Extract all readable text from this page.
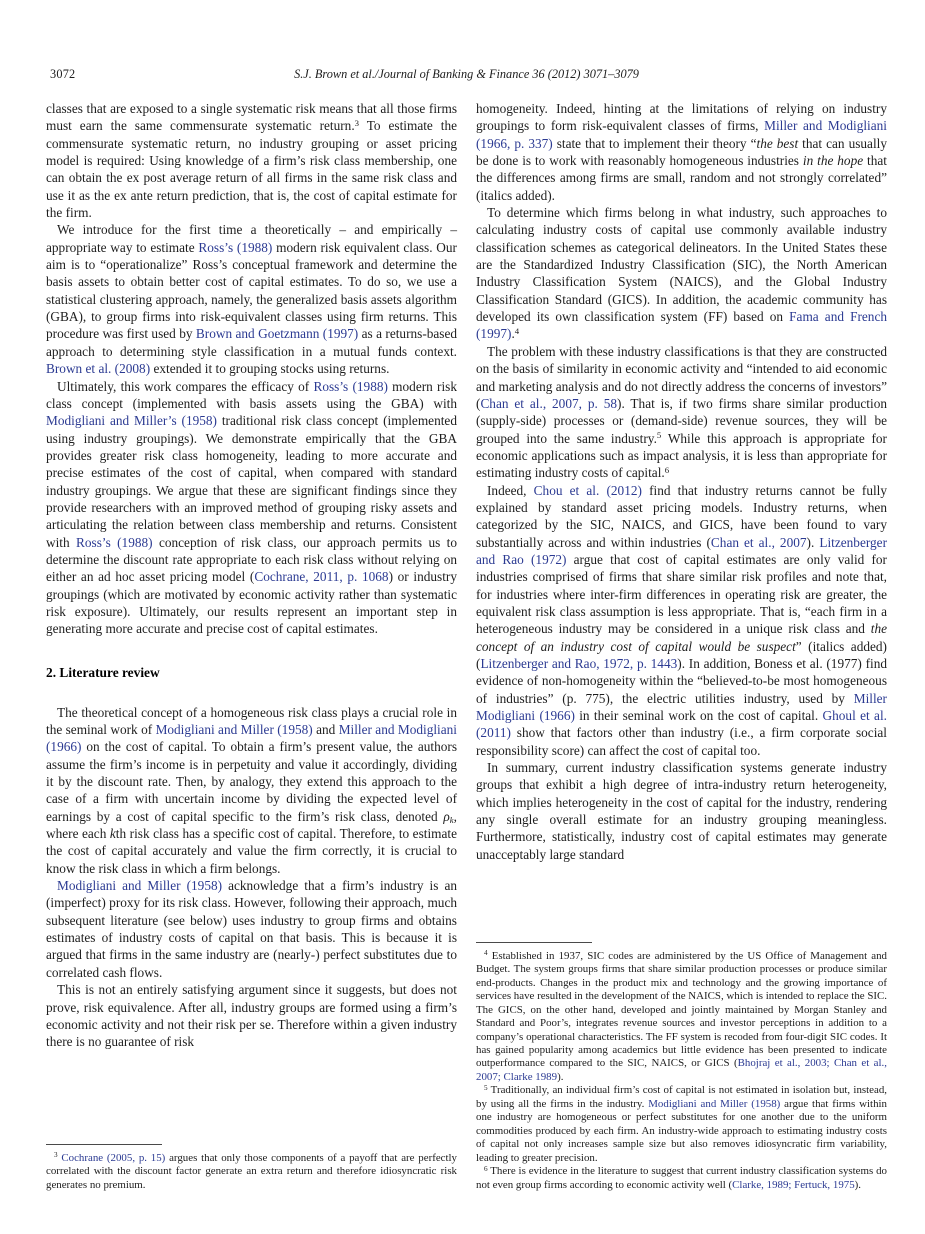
3072	S.J. Brown et al./Journal of Banking & Finance 36 (2012) 3071–3079

classes that are exposed to a single systematic risk means that all those firms must earn the same commensurate systematic return.$^3$ To estimate the commensurate systematic return, no industry grouping or asset pricing model is required: Using knowledge of a firm’s risk class membership, one can obtain the ex post average return of all firms in the same risk class and use it as the ex ante return prediction, that is, the cost of capital estimate for the firm.

We introduce for the first time a theoretically – and empirically – appropriate way to estimate Ross’s (1988) modern risk equivalent class. Our aim is to “operationalize” Ross’s conceptual framework and determine the basis assets to obtain better cost of capital estimates. To do so, we use a statistical clustering approach, namely, the generalized basis assets algorithm (GBA), to group firms into risk-equivalent classes using firm returns. This procedure was first used by Brown and Goetzmann (1997) as a returns-based approach to determining style classification in a mutual funds context. Brown et al. (2008) extended it to grouping stocks using returns.

Ultimately, this work compares the efficacy of Ross’s (1988) modern risk class concept (implemented with basis assets using the GBA) with Modigliani and Miller’s (1958) traditional risk class concept (implemented using industry groupings). We demonstrate empirically that the GBA provides greater risk class homogeneity, leading to more accurate and precise estimates of the cost of capital, when compared with standard industry groupings. We argue that these are significant findings since they provide researchers with an improved method of grouping risky assets and articulating the relation between class membership and returns. Consistent with Ross’s (1988) conception of risk class, our approach permits us to determine the discount rate appropriate to each risk class without relying on either an ad hoc asset pricing model (Cochrane, 2011, p. 1068) or industry groupings (which are motivated by economic activity rather than systematic risk exposure). Ultimately, our results represent an important step in generating more accurate and precise cost of capital estimates.

2. Literature review

The theoretical concept of a homogeneous risk class plays a crucial role in the seminal work of Modigliani and Miller (1958) and Miller and Modigliani (1966) on the cost of capital. To obtain a firm’s present value, the authors assume the firm’s income is in perpetuity and value it accordingly, dividing it by the discount rate. Then, by analogy, they extend this approach to the case of a firm with uncertain income by dividing the expected level of earnings by a cost of capital specific to the firm’s risk class, denoted $\rho_k$, where each kth risk class has a specific cost of capital. Therefore, to estimate the cost of capital accurately and value the firm correctly, it is crucial to know the risk class in which a firm belongs.

Modigliani and Miller (1958) acknowledge that a firm’s industry is an (imperfect) proxy for its risk class. However, following their approach, much subsequent literature (see below) uses industry to group firms and obtains estimates of industry costs of capital on that basis. This is because it is argued that firms in the same industry are (nearly-) perfect substitutes due to correlated cash flows.

This is not an entirely satisfying argument since it suggests, but does not prove, risk equivalence. After all, industry groups are formed using a firm’s economic activity and not their risk per se. Therefore within a given industry there is no guarantee of risk

$^3$ Cochrane (2005, p. 15) argues that only those components of a payoff that are perfectly correlated with the discount factor generate an extra return and therefore idiosyncratic risk generates no premium.

homogeneity. Indeed, hinting at the limitations of relying on industry groupings to form risk-equivalent classes of firms, Miller and Modigliani (1966, p. 337) state that to implement their theory “the best that can usually be done is to work with reasonably homogeneous industries in the hope that the differences among firms are small, random and not strongly correlated” (italics added).

To determine which firms belong in what industry, such approaches to calculating industry costs of capital use commonly available industry classification schemes as categorical delineators. In the United States these are the Standardized Industry Classification (SIC), the North American Industry Classification System (NAICS), and the Global Industry Classification Standard (GICS). In addition, the academic community has developed its own classification system (FF) based on Fama and French (1997).$^4$

The problem with these industry classifications is that they are constructed on the basis of similarity in economic activity and “intended to aid economic and marketing analysis and do not directly address the concerns of investors” (Chan et al., 2007, p. 58). That is, if two firms share similar production (supply-side) processes or (demand-side) revenue sources, they will be grouped into the same industry.$^5$ While this approach is appropriate for economic applications such as impact analysis, it is less than appropriate for estimating industry costs of capital.$^6$

Indeed, Chou et al. (2012) find that industry returns cannot be fully explained by standard asset pricing models. Industry returns, when categorized by the SIC, NAICS, and GICS, have been found to vary substantially across and within industries (Chan et al., 2007). Litzenberger and Rao (1972) argue that cost of capital estimates are only valid for industries comprised of firms that share similar risk profiles and note that, for industries where inter-firm differences in operating risk are greater, the equivalent risk class assumption is less appropriate. That is, “each firm in a heterogeneous industry may be considered in a unique risk class and the concept of an industry cost of capital would be suspect” (italics added) (Litzenberger and Rao, 1972, p. 1443). In addition, Boness et al. (1977) find evidence of non-homogeneity within the “believed-to-be most homogeneous of industries” (p. 775), the electric utilities industry, used by Miller Modigliani (1966) in their seminal work on the cost of capital. Ghoul et al. (2011) show that factors other than industry (i.e., a firm corporate social responsibility score) can affect the cost of capital too.

In summary, current industry classification systems generate industry groups that exhibit a high degree of intra-industry return heterogeneity, which implies heterogeneity in the cost of capital for the industry, rendering any single overall estimate for an industry grouping meaningless. Furthermore, statistically, industry cost of capital estimates may generate unacceptably large standard

$^4$ Established in 1937, SIC codes are administered by the US Office of Management and Budget. The system groups firms that share similar production processes or produce similar end-products. Changes in the product mix and technology and the growing importance of services have resulted in the development of the NAICS, which is intended to replace the SIC. The GICS, on the other hand, developed and jointly maintained by Morgan Stanley and Standard and Poor’s, integrates revenue sources and investor perceptions in addition to a company’s operational characteristics. The FF system is recoded from four-digit SIC codes. It has gained popularity among academics but little evidence has been presented to indicate outperformance compared to the SIC, NAICS, or GICS (Bhojraj et al., 2003; Chan et al., 2007; Clarke 1989).

$^5$ Traditionally, an individual firm’s cost of capital is not estimated in isolation but, instead, by using all the firms in the industry. Modigliani and Miller (1958) argue that firms within one industry are homogeneous or perfect substitutes for one another due to the uniform commodities produced by each firm. An industry-wide approach to estimating industry costs of capital not only increases sample size but also removes idiosyncratic firm variability, leading to greater precision.

$^6$ There is evidence in the literature to suggest that current industry classification systems do not even group firms according to economic activity well (Clarke, 1989; Fertuck, 1975).
